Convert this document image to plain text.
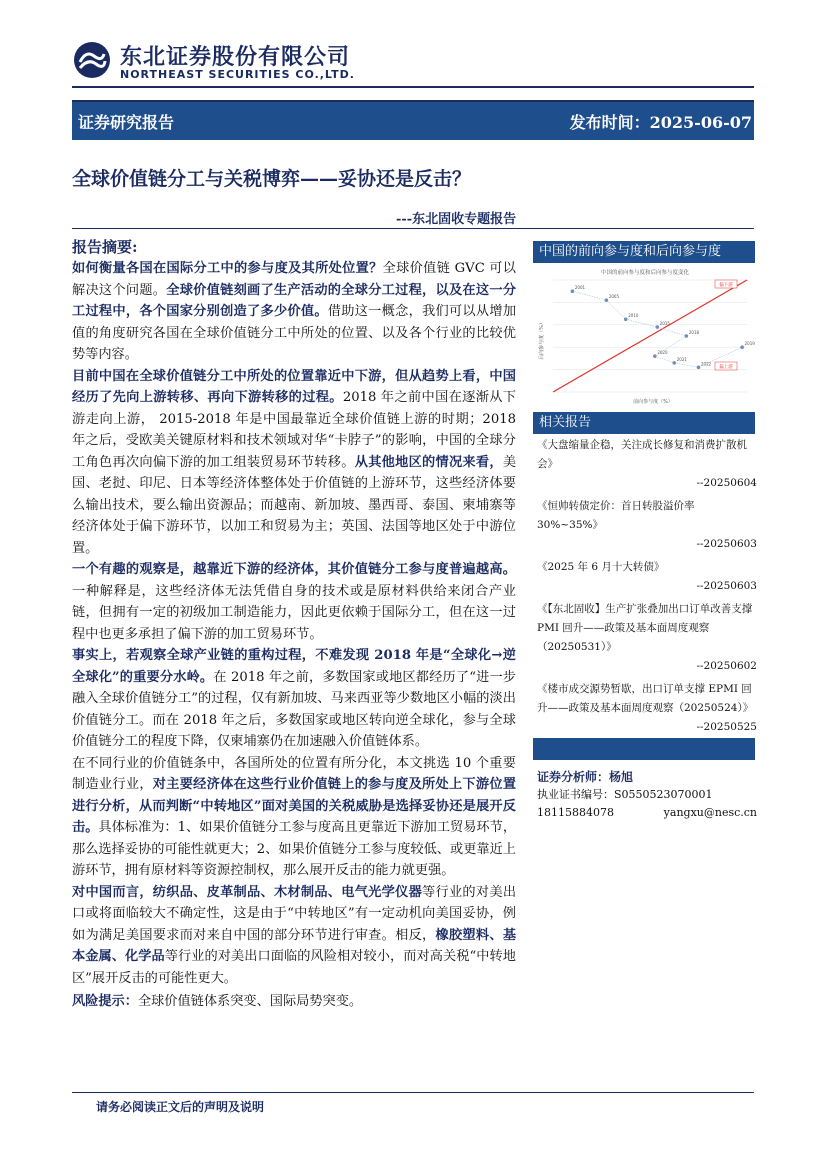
东北证券股份有限公司
NORTHEAST SECURITIES CO.,LTD.
证券研究报告	发布时间：2025-06-07
全球价值链分工与关税博弈——妥协还是反击？
---东北固收专题报告
报告摘要:

如何衡量各国在国际分工中的参与度及其所处位置？全球价值链 GVC 可以解决这个问题。全球价值链刻画了生产活动的全球分工过程，以及在这一分工过程中，各个国家分别创造了多少价值。借助这一概念，我们可以从增加值的角度研究各国在全球价值链分工中所处的位置、以及各个行业的比较优势等内容。

目前中国在全球价值链分工中所处的位置靠近中下游，但从趋势上看，中国经历了先向上游转移、再向下游转移的过程。2018 年之前中国在逐渐从下游走向上游， 2015-2018 年是中国最靠近全球价值链上游的时期；2018 年之后，受欧美关键原材料和技术领域对华“卡脖子”的影响，中国的全球分工角色再次向偏下游的加工组装贸易环节转移。从其他地区的情况来看，美国、老挝、印尼、日本等经济体整体处于价值链的上游环节，这些经济体要么输出技术，要么输出资源品；而越南、新加坡、墨西哥、泰国、柬埔寨等经济体处于偏下游环节，以加工和贸易为主；英国、法国等地区处于中游位置。

一个有趣的观察是，越靠近下游的经济体，其价值链分工参与度普遍越高。一种解释是，这些经济体无法凭借自身的技术或是原材料供给来闭合产业链，但拥有一定的初级加工制造能力，因此更依赖于国际分工，但在这一过程中也更多承担了偏下游的加工贸易环节。

事实上，若观察全球产业链的重构过程，不难发现 2018 年是“全球化→逆全球化”的重要分水岭。在 2018 年之前，多数国家或地区都经历了“进一步融入全球价值链分工”的过程，仅有新加坡、马来西亚等少数地区小幅的淡出价值链分工。而在 2018 年之后，多数国家或地区转向逆全球化，参与全球价值链分工的程度下降，仅柬埔寨仍在加速融入价值链体系。

在不同行业的价值链条中，各国所处的位置有所分化，本文挑选 10 个重要制造业行业，对主要经济体在这些行业价值链上的参与度及所处上下游位置进行分析，从而判断“中转地区”面对美国的关税威胁是选择妥协还是展开反击。具体标准为：1、如果价值链分工参与度高且更靠近下游加工贸易环节，那么选择妥协的可能性就更大；2、如果价值链分工参与度较低、或更靠近上游环节，拥有原材料等资源控制权，那么展开反击的能力就更强。

对中国而言，纺织品、皮革制品、木材制品、电气光学仪器等行业的对美出口或将面临较大不确定性，这是由于“中转地区”有一定动机向美国妥协，例如为满足美国要求而对来自中国的部分环节进行审查。相反，橡胶塑料、基本金属、化学品等行业的对美出口面临的风险相对较小，而对高关税“中转地区”展开反击的可能性更大。

风险提示：全球价值链体系突变、国际局势突变。

中国的前向参与度和后向参与度
中国的前向参与度和后向参与度变化
2001
2005
2010
2015
2018
2020
2021
2022
2019
偏下游
偏上游
前向参与度（%）
后向参与度（%）
相关报告
《大盘缩量企稳，关注成长修复和消费扩散机会》
--20250604
《恒帅转债定价：首日转股溢价率 30%~35%》
--20250603
《2025 年 6 月十大转债》
--20250603
《【东北固收】生产扩张叠加出口订单改善支撑 PMI 回升——政策及基本面周度观察（20250531）》
--20250602
《楼市成交源势暂歇，出口订单支撑 EPMI 回升——政策及基本面周度观察（20250524）》
--20250525
证券分析师：杨旭
执业证书编号：S0550523070001
18115884078	yangxu@nesc.cn
请务必阅读正文后的声明及说明
